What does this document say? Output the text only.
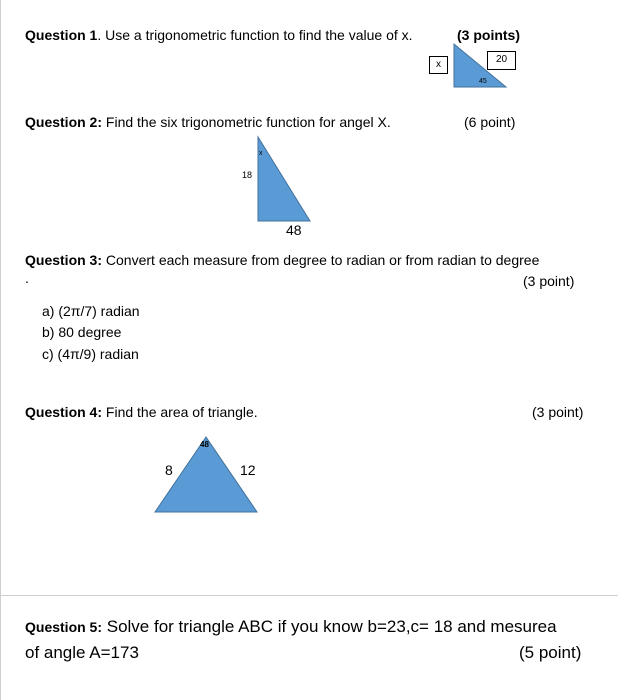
Question 1. Use a trigonometric function to find the value of x.	(3 points)
45
x	20
Question 2: Find the six trigonometric function for angel X.	(6 point)
x
18
48
Question 3: Convert each measure from degree to radian or from radian to degree
.	(3 point)
a) (2π/7) radian
b) 80 degree
c) (4π/9) radian
Question 4: Find the area of triangle.	(3 point)
48
8	12
Question 5: Solve for triangle ABC if you know b=23,c= 18 and mesurea
of angle A=173	(5 point)
